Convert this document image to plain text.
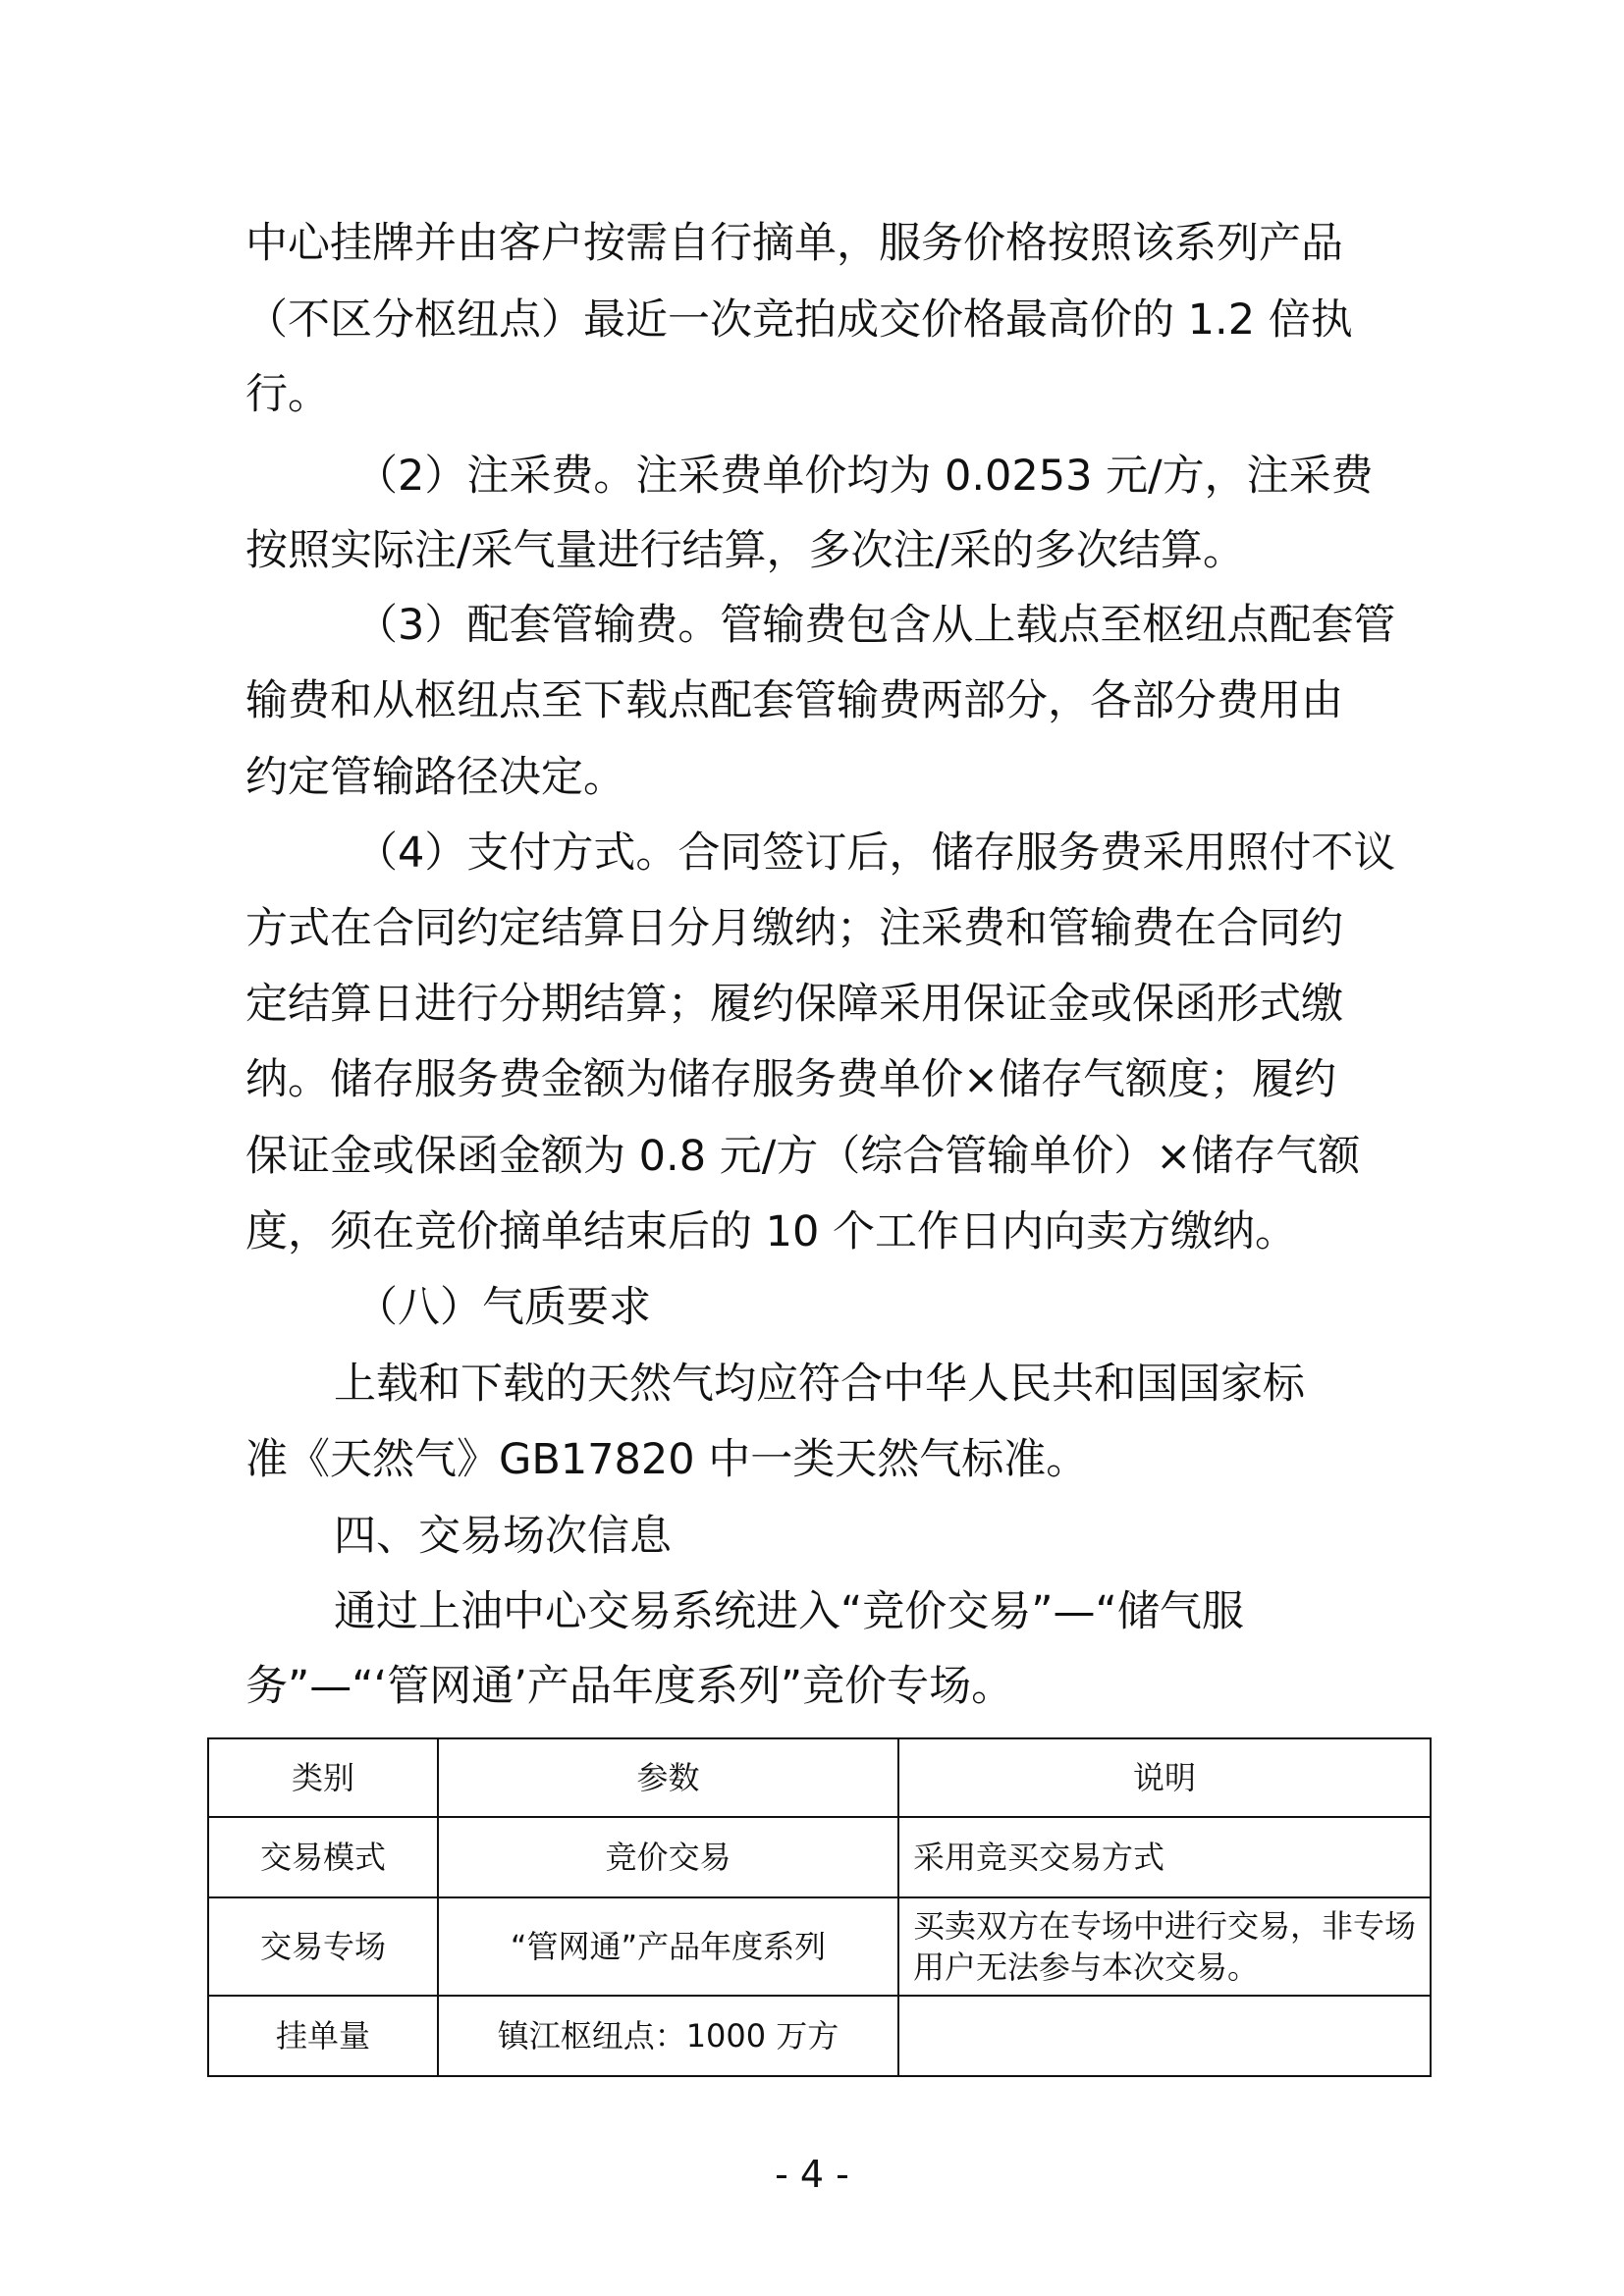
中心挂牌并由客户按需自行摘单，服务价格按照该系列产品

（不区分枢纽点）最近一次竞拍成交价格最高价的 1.2 倍执

行。

（2）注采费。注采费单价均为 0.0253 元/方，注采费

按照实际注/采气量进行结算，多次注/采的多次结算。

（3）配套管输费。管输费包含从上载点至枢纽点配套管

输费和从枢纽点至下载点配套管输费两部分，各部分费用由

约定管输路径决定。

（4）支付方式。合同签订后，储存服务费采用照付不议

方式在合同约定结算日分月缴纳；注采费和管输费在合同约

定结算日进行分期结算；履约保障采用保证金或保函形式缴

纳。储存服务费金额为储存服务费单价×储存气额度；履约

保证金或保函金额为 0.8 元/方（综合管输单价）×储存气额

度，须在竞价摘单结束后的 10 个工作日内向卖方缴纳。

（八）气质要求

上载和下载的天然气均应符合中华人民共和国国家标

准《天然气》GB17820 中一类天然气标准。

四、交易场次信息

通过上油中心交易系统进入“竞价交易”—“储气服

务”—“‘管网通’产品年度系列”竞价专场。

类别	参数	说明
交易模式	竞价交易	采用竞买交易方式
交易专场	“管网通”产品年度系列	买卖双方在专场中进行交易，非专场用户无法参与本次交易。
挂单量	镇江枢纽点：1000 万方	

- 4 -
